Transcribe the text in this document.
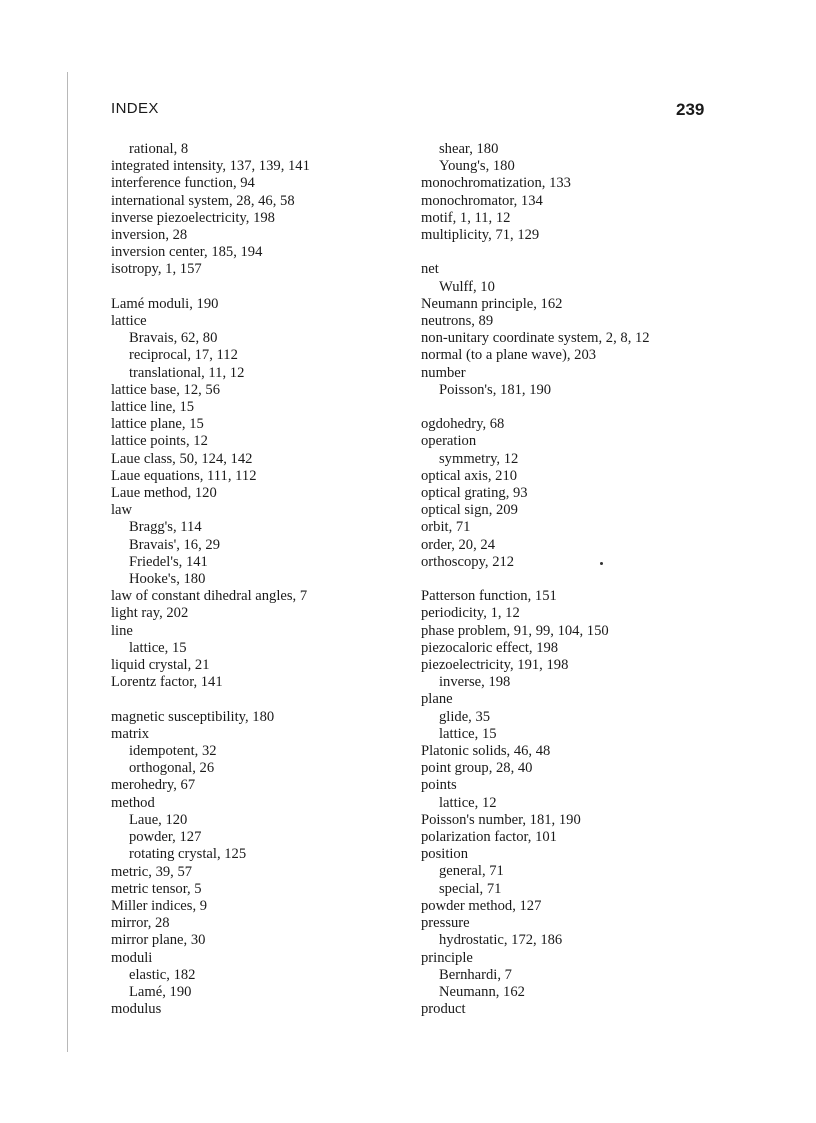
INDEX	239
rational, 8
integrated intensity, 137, 139, 141
interference function, 94
international system, 28, 46, 58
inverse piezoelectricity, 198
inversion, 28
inversion center, 185, 194
isotropy, 1, 157
Lamé moduli, 190
lattice
Bravais, 62, 80
reciprocal, 17, 112
translational, 11, 12
lattice base, 12, 56
lattice line, 15
lattice plane, 15
lattice points, 12
Laue class, 50, 124, 142
Laue equations, 111, 112
Laue method, 120
law
Bragg's, 114
Bravais', 16, 29
Friedel's, 141
Hooke's, 180
law of constant dihedral angles, 7
light ray, 202
line
lattice, 15
liquid crystal, 21
Lorentz factor, 141
magnetic susceptibility, 180
matrix
idempotent, 32
orthogonal, 26
merohedry, 67
method
Laue, 120
powder, 127
rotating crystal, 125
metric, 39, 57
metric tensor, 5
Miller indices, 9
mirror, 28
mirror plane, 30
moduli
elastic, 182
Lamé, 190
modulus
shear, 180
Young's, 180
monochromatization, 133
monochromator, 134
motif, 1, 11, 12
multiplicity, 71, 129
net
Wulff, 10
Neumann principle, 162
neutrons, 89
non-unitary coordinate system, 2, 8, 12
normal (to a plane wave), 203
number
Poisson's, 181, 190
ogdohedry, 68
operation
symmetry, 12
optical axis, 210
optical grating, 93
optical sign, 209
orbit, 71
order, 20, 24
orthoscopy, 212
Patterson function, 151
periodicity, 1, 12
phase problem, 91, 99, 104, 150
piezocaloric effect, 198
piezoelectricity, 191, 198
inverse, 198
plane
glide, 35
lattice, 15
Platonic solids, 46, 48
point group, 28, 40
points
lattice, 12
Poisson's number, 181, 190
polarization factor, 101
position
general, 71
special, 71
powder method, 127
pressure
hydrostatic, 172, 186
principle
Bernhardi, 7
Neumann, 162
product
